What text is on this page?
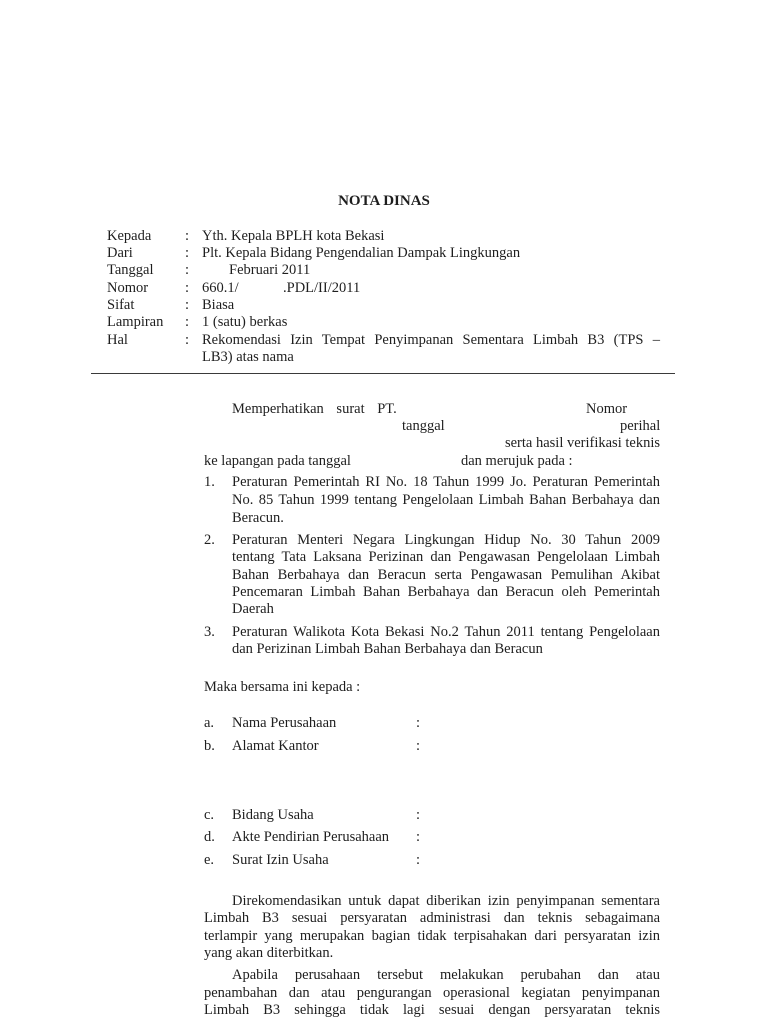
NOTA DINAS
Kepada : Yth. Kepala BPLH kota Bekasi
Dari	: Plt. Kepala Bidang Pengendalian Dampak Lingkungan
Tanggal :	Februari 2011
Nomor	: 660.1/	.PDL/II/2011
Sifat	: Biasa
Lampiran : 1 (satu) berkas
Hal	: Rekomendasi Izin Tempat Penyimpanan Sementara Limbah B3 (TPS –
LB3) atas nama
Memperhatikan surat PT.	Nomor
tanggal	perihal
serta hasil verifikasi teknis
ke lapangan pada tanggal	dan merujuk pada :
1. Peraturan Pemerintah RI No. 18 Tahun 1999 Jo. Peraturan Pemerintah
No. 85 Tahun 1999 tentang Pengelolaan Limbah Bahan Berbahaya dan
Beracun.
2. Peraturan Menteri Negara Lingkungan Hidup No. 30 Tahun 2009
tentang Tata Laksana Perizinan dan Pengawasan Pengelolaan Limbah
Bahan Berbahaya dan Beracun serta Pengawasan Pemulihan Akibat
Pencemaran Limbah Bahan Berbahaya dan Beracun oleh Pemerintah
Daerah
3. Peraturan Walikota Kota Bekasi No.2 Tahun 2011 tentang Pengelolaan
dan Perizinan Limbah Bahan Berbahaya dan Beracun
Maka bersama ini kepada :
a. Nama Perusahaan	:
b. Alamat Kantor	:
c. Bidang Usaha	:
d. Akte Pendirian Perusahaan :
e. Surat Izin Usaha	:
Direkomendasikan untuk dapat diberikan izin penyimpanan sementara
Limbah B3 sesuai persyaratan administrasi dan teknis sebagaimana
terlampir yang merupakan bagian tidak terpisahakan dari persyaratan izin
yang akan diterbitkan.
Apabila perusahaan tersebut melakukan perubahan dan atau
penambahan dan atau pengurangan operasional kegiatan penyimpanan
Limbah B3 sehingga tidak lagi sesuai dengan persyaratan teknis
